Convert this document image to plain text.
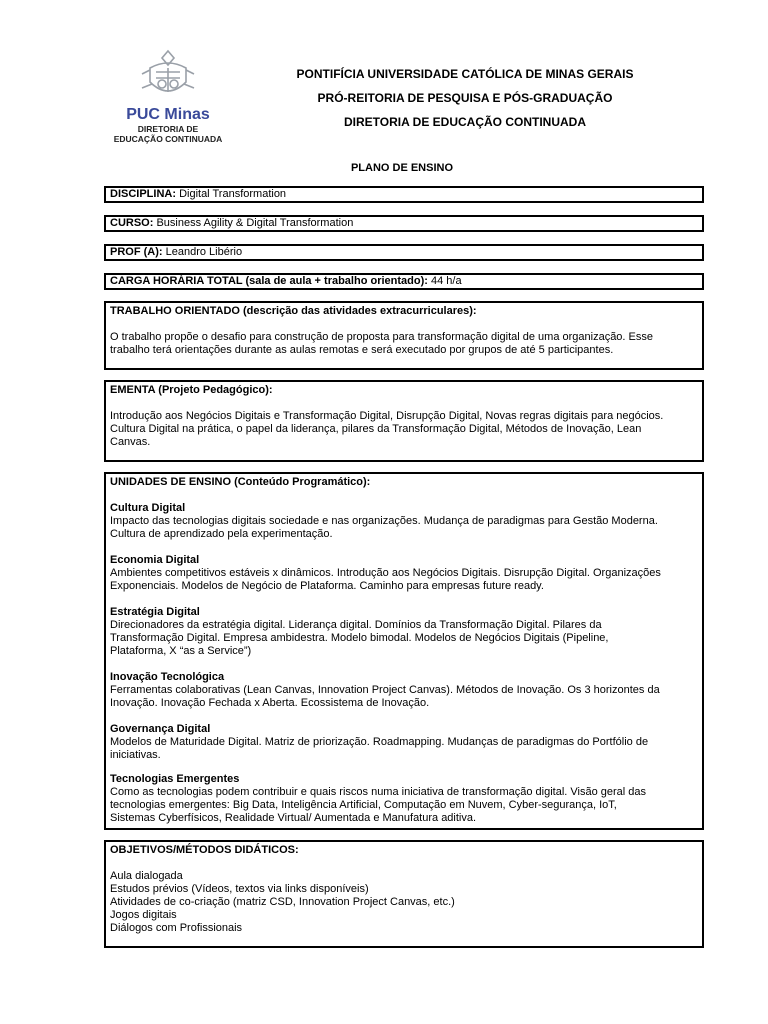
PUC Minas
DIRETORIA DE
EDUCAÇÃO CONTINUADA
PONTIFÍCIA UNIVERSIDADE CATÓLICA DE MINAS GERAIS
PRÓ-REITORIA DE PESQUISA E PÓS-GRADUAÇÃO
DIRETORIA DE EDUCAÇÃO CONTINUADA
PLANO DE ENSINO
DISCIPLINA: Digital Transformation
CURSO: Business Agility & Digital Transformation
PROF (A): Leandro Libério
CARGA HORÁRIA TOTAL (sala de aula + trabalho orientado): 44 h/a
TRABALHO ORIENTADO (descrição das atividades extracurriculares):
O trabalho propõe o desafio para construção de proposta para transformação digital de uma organização. Esse
trabalho terá orientações durante as aulas remotas e será executado por grupos de até 5 participantes.
EMENTA (Projeto Pedagógico):
Introdução aos Negócios Digitais e Transformação Digital, Disrupção Digital, Novas regras digitais para negócios.
Cultura Digital na prática, o papel da liderança, pilares da Transformação Digital, Métodos de Inovação, Lean
Canvas.
UNIDADES DE ENSINO (Conteúdo Programático):
Cultura Digital
Impacto das tecnologias digitais sociedade e nas organizações. Mudança de paradigmas para Gestão Moderna.
Cultura de aprendizado pela experimentação.
Economia Digital
Ambientes competitivos estáveis x dinâmicos. Introdução aos Negócios Digitais. Disrupção Digital. Organizações
Exponenciais. Modelos de Negócio de Plataforma. Caminho para empresas future ready.
Estratégia Digital
Direcionadores da estratégia digital. Liderança digital. Domínios da Transformação Digital. Pilares da
Transformação Digital. Empresa ambidestra. Modelo bimodal. Modelos de Negócios Digitais (Pipeline,
Plataforma, X “as a Service”)
Inovação Tecnológica
Ferramentas colaborativas (Lean Canvas, Innovation Project Canvas). Métodos de Inovação. Os 3 horizontes da
Inovação. Inovação Fechada x Aberta. Ecossistema de Inovação.
Governança Digital
Modelos de Maturidade Digital. Matriz de priorização. Roadmapping. Mudanças de paradigmas do Portfólio de
iniciativas.
Tecnologias Emergentes
Como as tecnologias podem contribuir e quais riscos numa iniciativa de transformação digital. Visão geral das
tecnologias emergentes: Big Data, Inteligência Artificial, Computação em Nuvem, Cyber-segurança, IoT,
Sistemas Cyberfísicos, Realidade Virtual/ Aumentada e Manufatura aditiva.
OBJETIVOS/MÉTODOS DIDÁTICOS:
Aula dialogada
Estudos prévios (Vídeos, textos via links disponíveis)
Atividades de co-criação (matriz CSD, Innovation Project Canvas, etc.)
Jogos digitais
Diálogos com Profissionais
